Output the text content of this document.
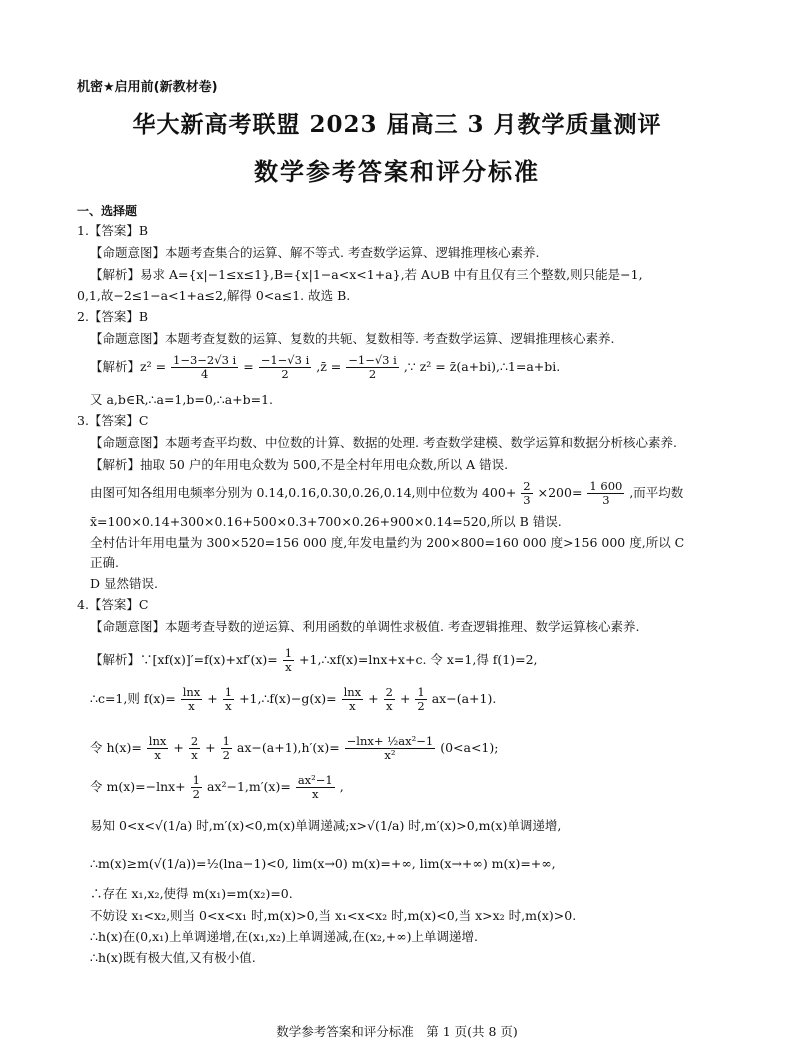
机密★启用前(新教材卷)
华大新高考联盟 2023 届高三 3 月教学质量测评
数学参考答案和评分标准
一、选择题
1.【答案】B
【命题意图】本题考查集合的运算、解不等式. 考查数学运算、逻辑推理核心素养.
【解析】易求 A={x|−1≤x≤1},B={x|1−a<x<1+a},若 A∪B 中有且仅有三个整数,则只能是−1,
0,1,故−2≤1−a<1+a≤2,解得 0<a≤1. 故选 B.
2.【答案】B
【命题意图】本题考查复数的运算、复数的共轭、复数相等. 考查数学运算、逻辑推理核心素养.
【解析】$z^2 = \frac{1-3-2√3 i}{4} = \frac{-1-√3 i}{2}$ ,z̄ = $\frac{-1-√3 i}{2}$ ,∵ z² = z̄(a+bi),∴1=a+bi.
又 a,b∈R,∴a=1,b=0,∴a+b=1.
3.【答案】C
【命题意图】本题考查平均数、中位数的计算、数据的处理. 考查数学建模、数学运算和数据分析核心素养.
【解析】抽取 50 户的年用电众数为 500,不是全村年用电众数,所以 A 错误.
由图可知各组用电频率分别为 0.14,0.16,0.30,0.26,0.14,则中位数为 $400+ \frac{2}{3} \times 200= \frac{1 600}{3}$ ,而平均数
x̄=100×0.14+300×0.16+500×0.3+700×0.26+900×0.14=520,所以 B 错误.
全村估计年用电量为 300×520=156 000 度,年发电量约为 200×800=160 000 度>156 000 度,所以 C
正确.
D 显然错误.
4.【答案】C
【命题意图】本题考查导数的逆运算、利用函数的单调性求极值. 考查逻辑推理、数学运算核心素养.
【解析】∵[xf(x)]′=f(x)+xf′(x)= $\frac{1}{x}$ +1,∴xf(x)=lnx+x+c. 令 x=1,得 f(1)=2,
∴c=1,则 $f(x)= \frac{\ln x}{x} + \frac{1}{x}$ +1,∴f(x)−g(x)= $\frac{\ln x}{x} + \frac{2}{x} + \frac{1}{2} ax-(a+1)$.
令 $h(x)= \frac{\ln x}{x} + \frac{2}{x} + \frac{1}{2} ax-(a+1),h'(x)= \frac{\text{−lnx+ ½ax²−1}}{\text{x²}} (0<a<1)$;
令 $m(x)=-\ln x+ \frac{1}{2} ax^2-1,m'(x)= \frac{\text{ax²−1}}{x}$ ,
易知 0<x<√(1/a) 时,m′(x)<0,m(x)单调递减;x>√(1/a) 时,m′(x)>0,m(x)单调递增,
∴m(x)≥m(√(1/a))=½(lna−1)<0, lim(x→0) m(x)=+∞, lim(x→+∞) m(x)=+∞,
∴存在 x₁,x₂,使得 m(x₁)=m(x₂)=0.
不妨设 x₁<x₂,则当 0<x<x₁ 时,m(x)>0,当 x₁<x<x₂ 时,m(x)<0,当 x>x₂ 时,m(x)>0.
∴h(x)在(0,x₁)上单调递增,在(x₁,x₂)上单调递减,在(x₂,+∞)上单调递增.
∴h(x)既有极大值,又有极小值.
数学参考答案和评分标准　第 1 页(共 8 页)
